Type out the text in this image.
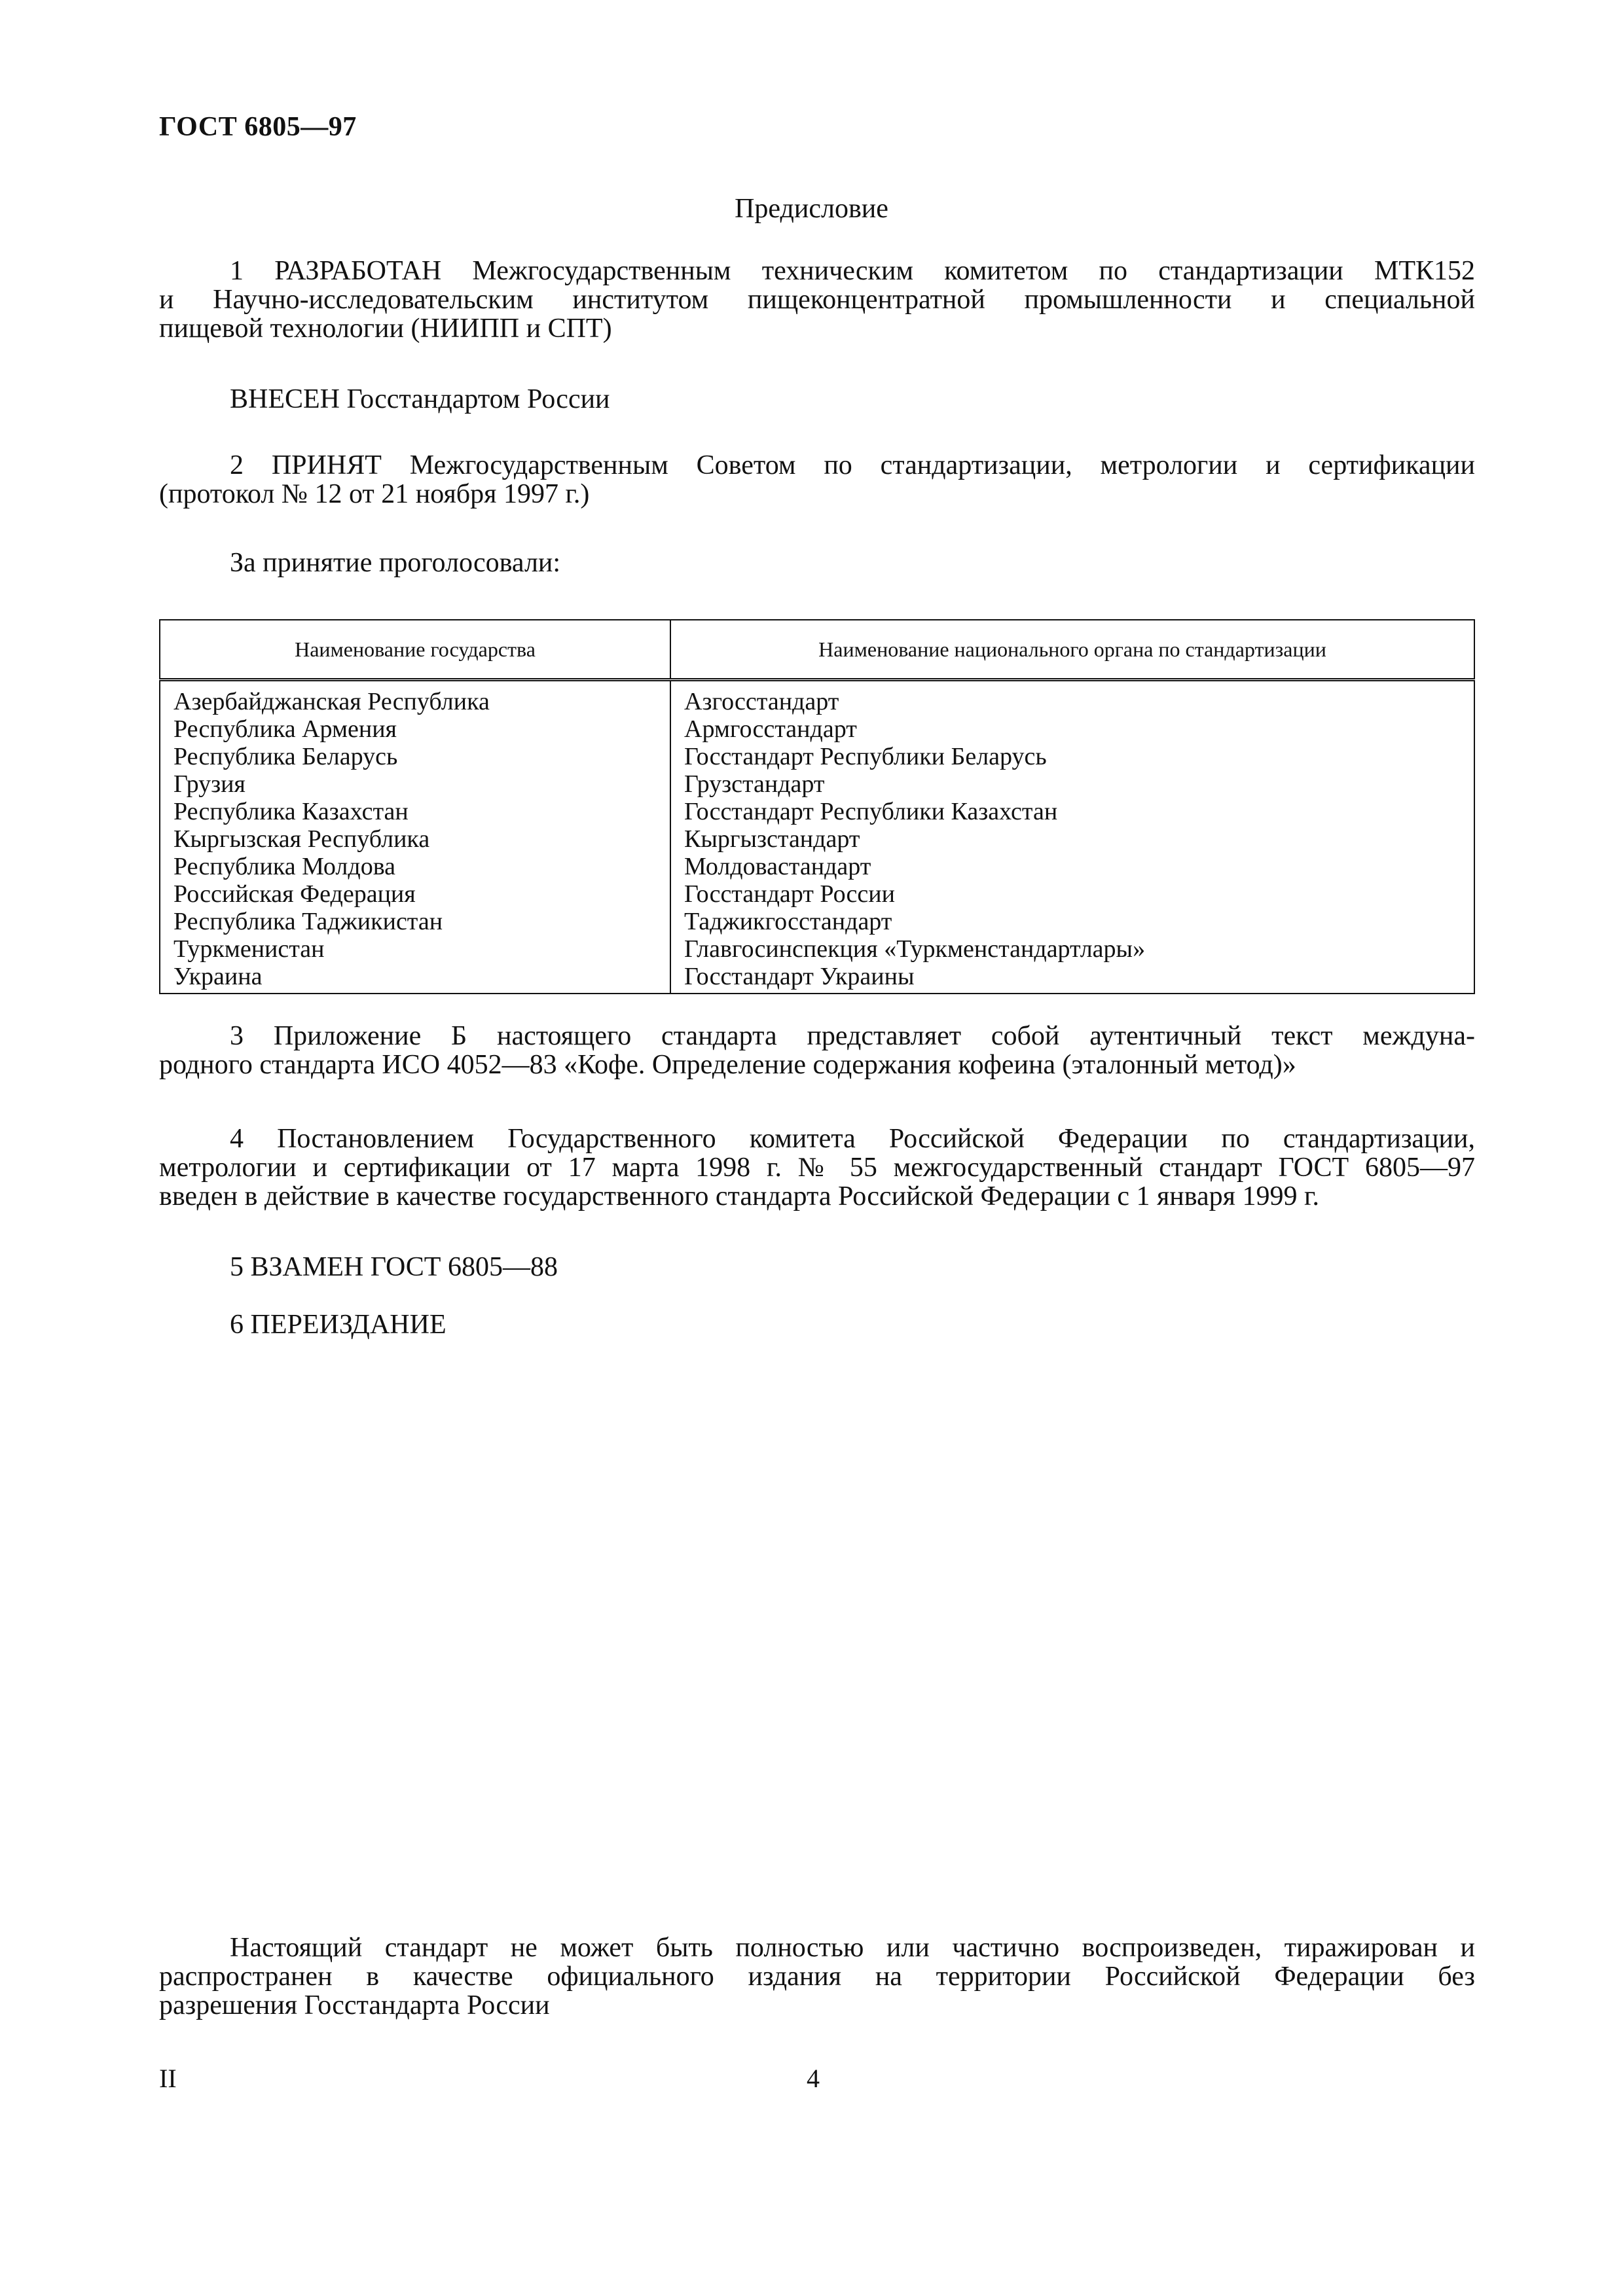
ГОСТ 6805—97
Предисловие
1 РАЗРАБОТАН Межгосударственным техническим комитетом по стандартизации МТК152
и Научно-исследовательским институтом пищеконцентратной промышленности и специальной
пищевой технологии (НИИПП и СПТ)
ВНЕСЕН Госстандартом России
2 ПРИНЯТ Межгосударственным Советом по стандартизации, метрологии и сертификации
(протокол № 12 от 21 ноября 1997 г.)
За принятие проголосовали:
Наименование государства	Наименование национального органа по стандартизации
Азербайджанская Республика	Азгосстандарт
Республика Армения	Армгосстандарт
Республика Беларусь	Госстандарт Республики Беларусь
Грузия	Грузстандарт
Республика Казахстан	Госстандарт Республики Казахстан
Кыргызская Республика	Кыргызстандарт
Республика Молдова	Молдовастандарт
Российская Федерация	Госстандарт России
Республика Таджикистан	Таджикгосстандарт
Туркменистан	Главгосинспекция «Туркменстандартлары»
Украина	Госстандарт Украины
3 Приложение Б настоящего стандарта представляет собой аутентичный текст междуна-
родного стандарта ИСО 4052—83 «Кофе. Определение содержания кофеина (эталонный метод)»
4 Постановлением Государственного комитета Российской Федерации по стандартизации,
метрологии и сертификации от 17 марта 1998 г. № 55 межгосударственный стандарт ГОСТ 6805—97
введен в действие в качестве государственного стандарта Российской Федерации с 1 января 1999 г.
5 ВЗАМЕН ГОСТ 6805—88
6 ПЕРЕИЗДАНИЕ
Настоящий стандарт не может быть полностью или частично воспроизведен, тиражирован и
распространен в качестве официального издания на территории Российской Федерации без
разрешения Госстандарта России
II	4
